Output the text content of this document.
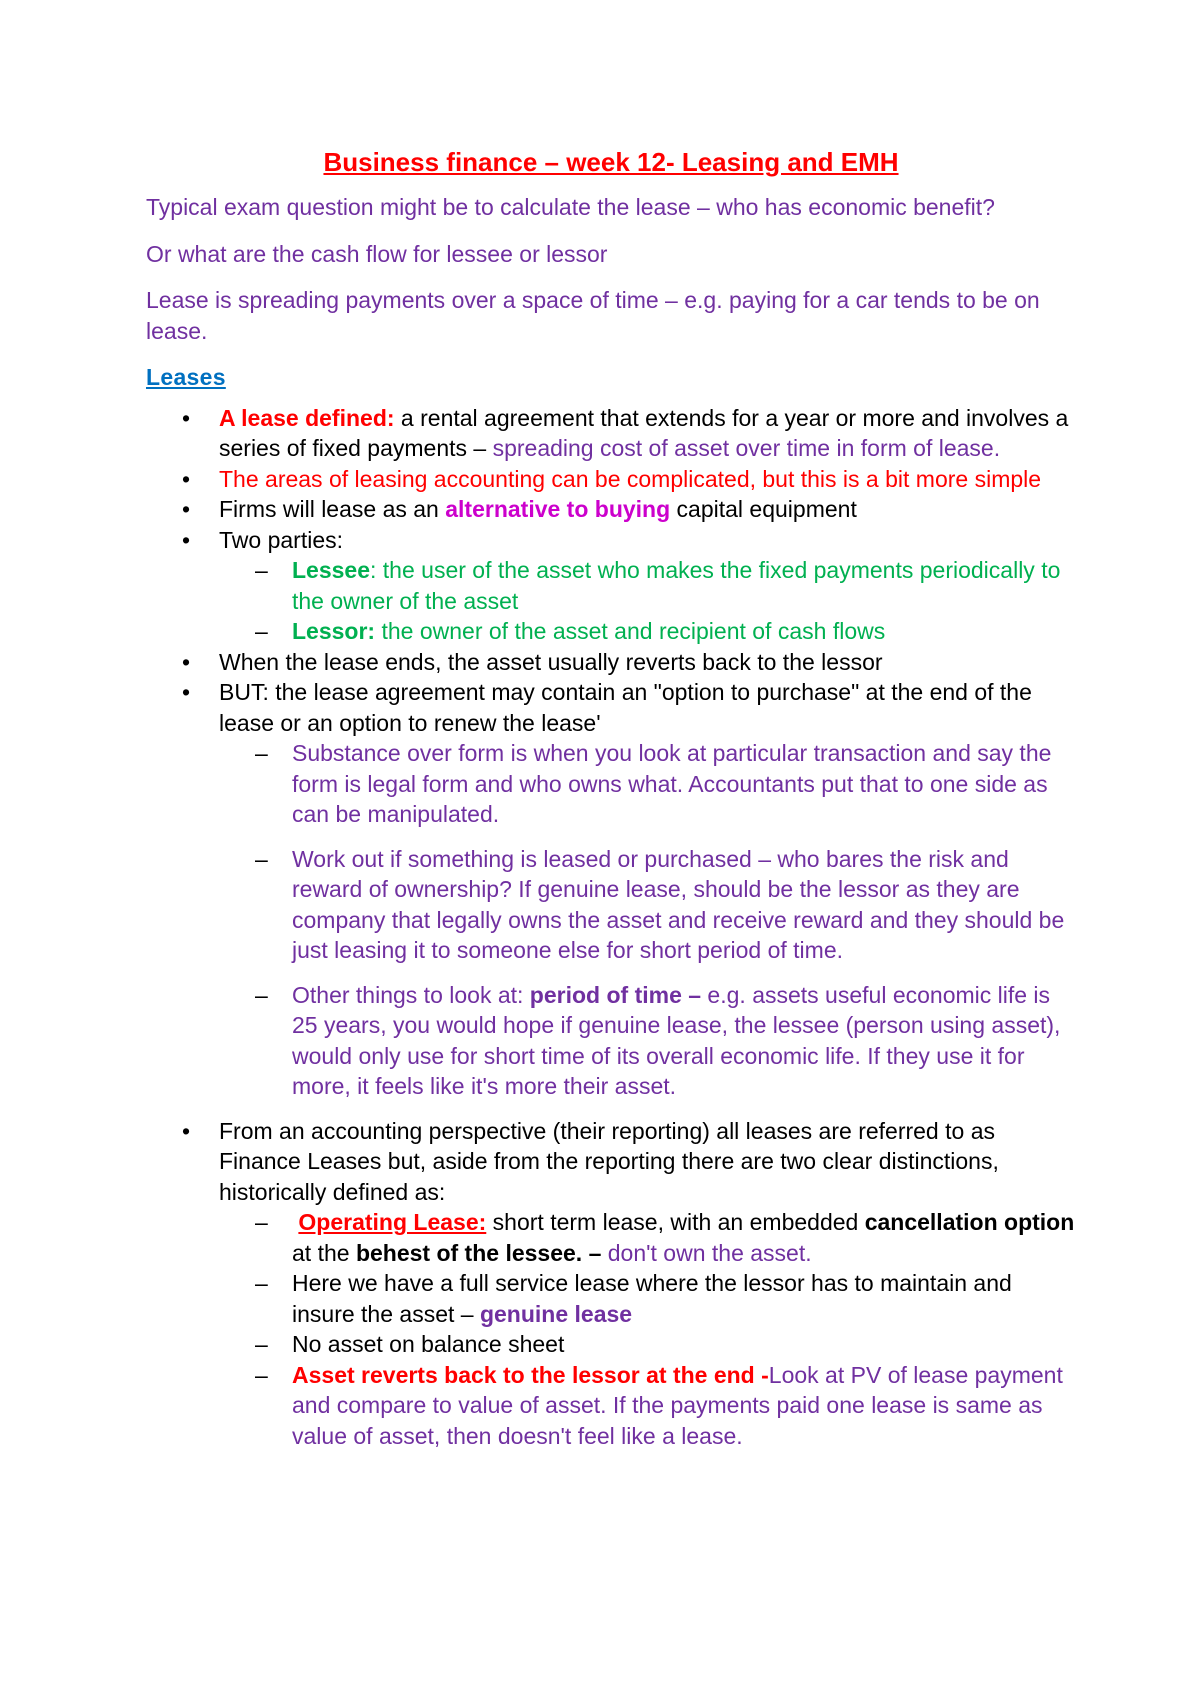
Business finance – week 12- Leasing and EMH

Typical exam question might be to calculate the lease – who has economic benefit?

Or what are the cash flow for lessee or lessor

Lease is spreading payments over a space of time – e.g. paying for a car tends to be on lease.

Leases
• A lease defined: a rental agreement that extends for a year or more and involves a series of fixed payments – spreading cost of asset over time in form of lease.
• The areas of leasing accounting can be complicated, but this is a bit more simple
• Firms will lease as an alternative to buying capital equipment
• Two parties:
– Lessee: the user of the asset who makes the fixed payments periodically to the owner of the asset
– Lessor: the owner of the asset and recipient of cash flows
• When the lease ends, the asset usually reverts back to the lessor
• BUT: the lease agreement may contain an "option to purchase" at the end of the lease or an option to renew the lease'
– Substance over form is when you look at particular transaction and say the form is legal form and who owns what. Accountants put that to one side as can be manipulated.
– Work out if something is leased or purchased – who bares the risk and reward of ownership? If genuine lease, should be the lessor as they are company that legally owns the asset and receive reward and they should be just leasing it to someone else for short period of time.
– Other things to look at: period of time – e.g. assets useful economic life is 25 years, you would hope if genuine lease, the lessee (person using asset), would only use for short time of its overall economic life. If they use it for more, it feels like it's more their asset.
• From an accounting perspective (their reporting) all leases are referred to as Finance Leases but, aside from the reporting there are two clear distinctions, historically defined as:
– Operating Lease: short term lease, with an embedded cancellation option at the behest of the lessee. – don't own the asset.
– Here we have a full service lease where the lessor has to maintain and insure the asset – genuine lease
– No asset on balance sheet
– Asset reverts back to the lessor at the end -Look at PV of lease payment and compare to value of asset. If the payments paid one lease is same as value of asset, then doesn't feel like a lease.
